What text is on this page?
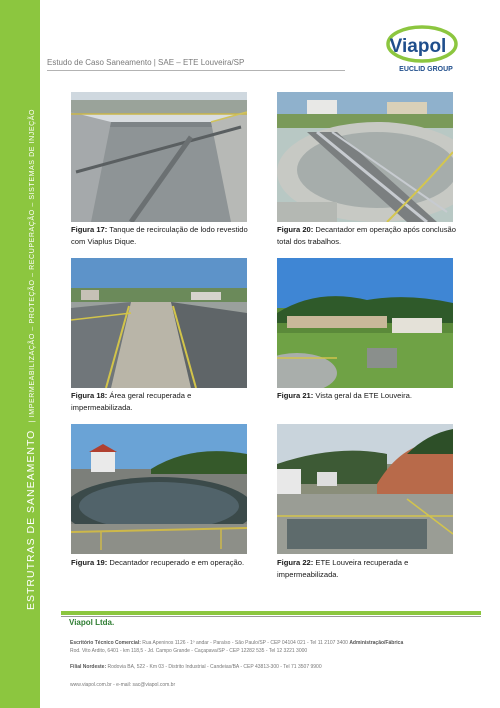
ESTRUTRAS DE SANEAMENTO | IMPERMEABILIZAÇÃO – PROTEÇÃO – RECUPERAÇÃO – SISTEMAS DE INJEÇÃO
Estudo de Caso Saneamento | SAE – ETE Louveira/SP
Viapol
EUCLID GROUP
Figura 17: Tanque de recirculação de lodo revestido com Viaplus Dique.
Figura 20: Decantador em operação após conclusão total dos trabalhos.
Figura 18: Área geral recuperada e impermeabilizada.
Figura 21: Vista geral da ETE Louveira.
Figura 19: Decantador recuperado e em operação.	Figura 22: ETE Louveira recuperada e impermeabilizada.
Viapol Ltda.
Escritório Técnico Comercial: Rua Apeninos 1126 - 1º andar - Paraíso - São Paulo/SP - CEP 04104 021 - Tel 11 2107 3400 Administração/Fábrica
Rod. Vito Ardito, 6401 - km 118,5 - Jd. Campo Grande - Caçapava/SP - CEP 12282 535 - Tel 12 3221 3000
Filial Nordeste: Rodovia BA, 522 - Km 03 - Distrito Industrial - Candeias/BA - CEP 43813-300 - Tel 71 3507 9900
www.viapol.com.br - e-mail: sac@viapol.com.br
